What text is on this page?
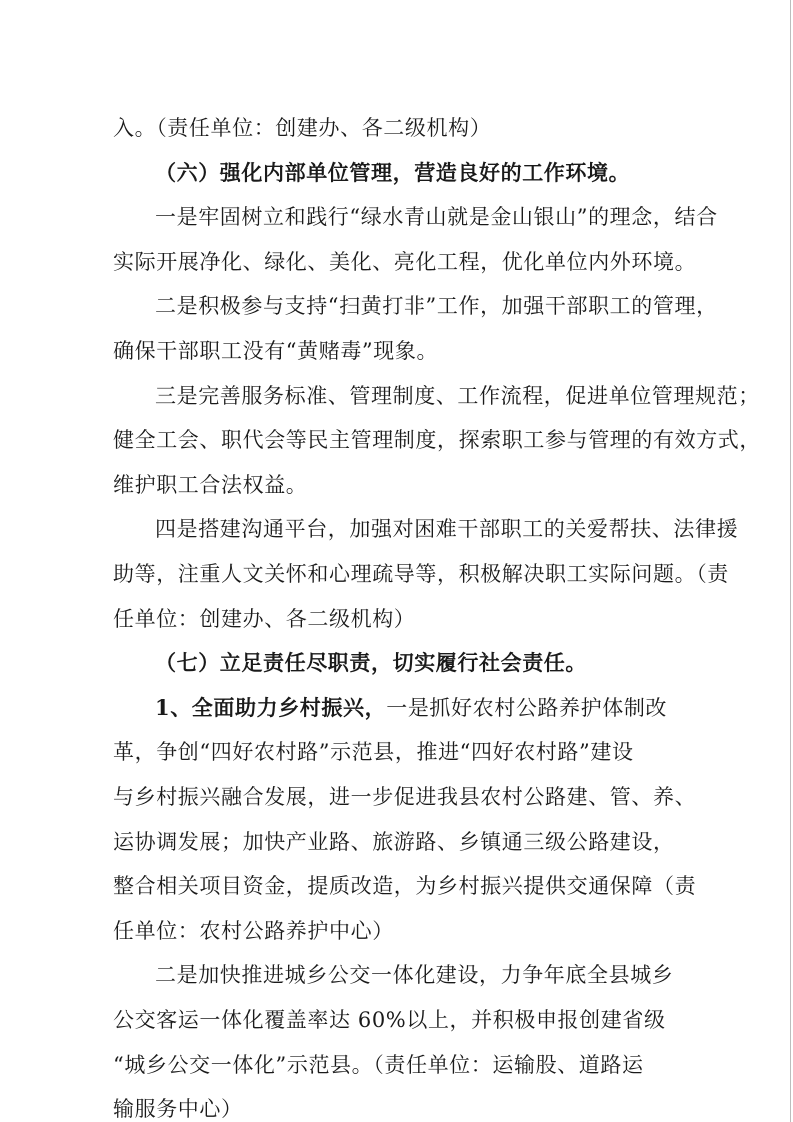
入。（责任单位：创建办、各二级机构）
（六）强化内部单位管理，营造良好的工作环境。
一是牢固树立和践行“绿水青山就是金山银山”的理念，结合
实际开展净化、绿化、美化、亮化工程，优化单位内外环境。
二是积极参与支持“扫黄打非”工作，加强干部职工的管理，
确保干部职工没有“黄赌毒”现象。
三是完善服务标准、管理制度、工作流程，促进单位管理规范；
健全工会、职代会等民主管理制度，探索职工参与管理的有效方式，
维护职工合法权益。
四是搭建沟通平台，加强对困难干部职工的关爱帮扶、法律援
助等，注重人文关怀和心理疏导等，积极解决职工实际问题。（责
任单位：创建办、各二级机构）
（七）立足责任尽职责，切实履行社会责任。
1、全面助力乡村振兴，一是抓好农村公路养护体制改
革，争创“四好农村路”示范县，推进“四好农村路”建设
与乡村振兴融合发展，进一步促进我县农村公路建、管、养、
运协调发展；加快产业路、旅游路、乡镇通三级公路建设，
整合相关项目资金，提质改造，为乡村振兴提供交通保障（责
任单位：农村公路养护中心）
二是加快推进城乡公交一体化建设，力争年底全县城乡
公交客运一体化覆盖率达 60%以上，并积极申报创建省级
“城乡公交一体化”示范县。（责任单位：运输股、道路运
输服务中心）
